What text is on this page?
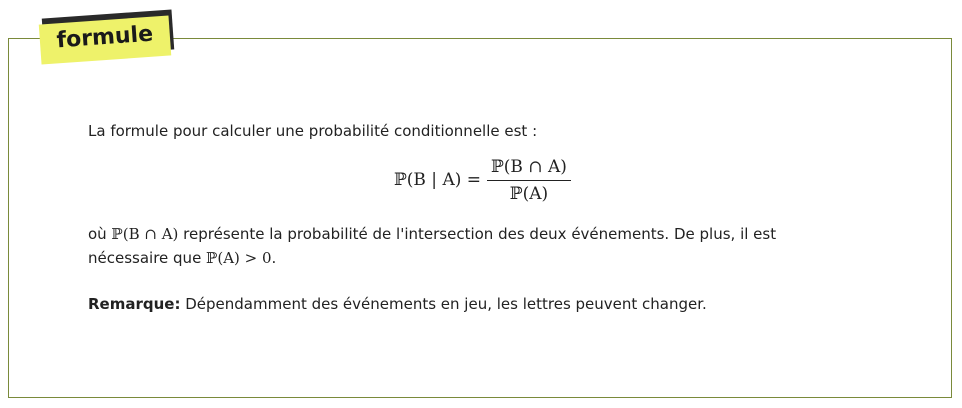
formule

La formule pour calculer une probabilité conditionnelle est :

ℙ(B | $A) = \frac{\text{ℙ(B ∩ A)}}{\text{ℙ(A)}}$

où ℙ(B ∩ A) représente la probabilité de l'intersection des deux événements. De plus, il est nécessaire que ℙ(A) > 0.

Remarque: Dépendamment des événements en jeu, les lettres peuvent changer.
